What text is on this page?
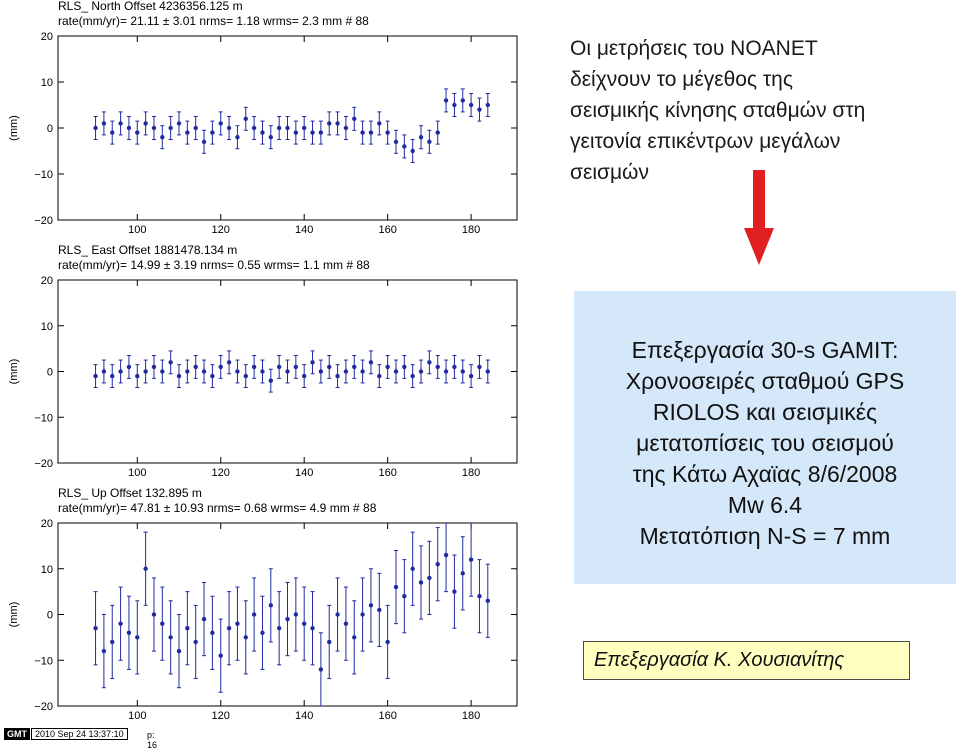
RLS_ North Offset 4236356.125 m
rate(mm/yr)= 21.11 ± 3.01 nrms= 1.18 wrms= 2.3 mm # 88
−20
−10
0
10
20
100	120	140	160	180
(mm)
RLS_ East Offset 1881478.134 m
rate(mm/yr)= 14.99 ± 3.19 nrms= 0.55 wrms= 1.1 mm # 88
−20
−10
0
10
20
100	120	140	160	180
(mm)
RLS_ Up Offset 132.895 m
rate(mm/yr)= 47.81 ± 10.93 nrms= 0.68 wrms= 4.9 mm # 88
−20
−10
0
10
20
100	120	140	160	180
(mm)
Οι μετρήσεις του NOANET
δείχνουν το μέγεθος της
σεισμικής κίνησης σταθμών στη
γειτονία επικέντρων μεγάλων
σεισμών
Επεξεργασία 30-s GAMIT:
Χρονοσειρές σταθμού GPS
RIOLOS και σεισμικές
μετατοπίσεις του σεισμού
της Κάτω Αχαϊας 8/6/2008
Mw 6.4
Μετατόπιση N-S = 7 mm
Επεξεργασία Κ. Χουσιανίτης
GMT 2010 Sep 24 13:37:10	p: 16
